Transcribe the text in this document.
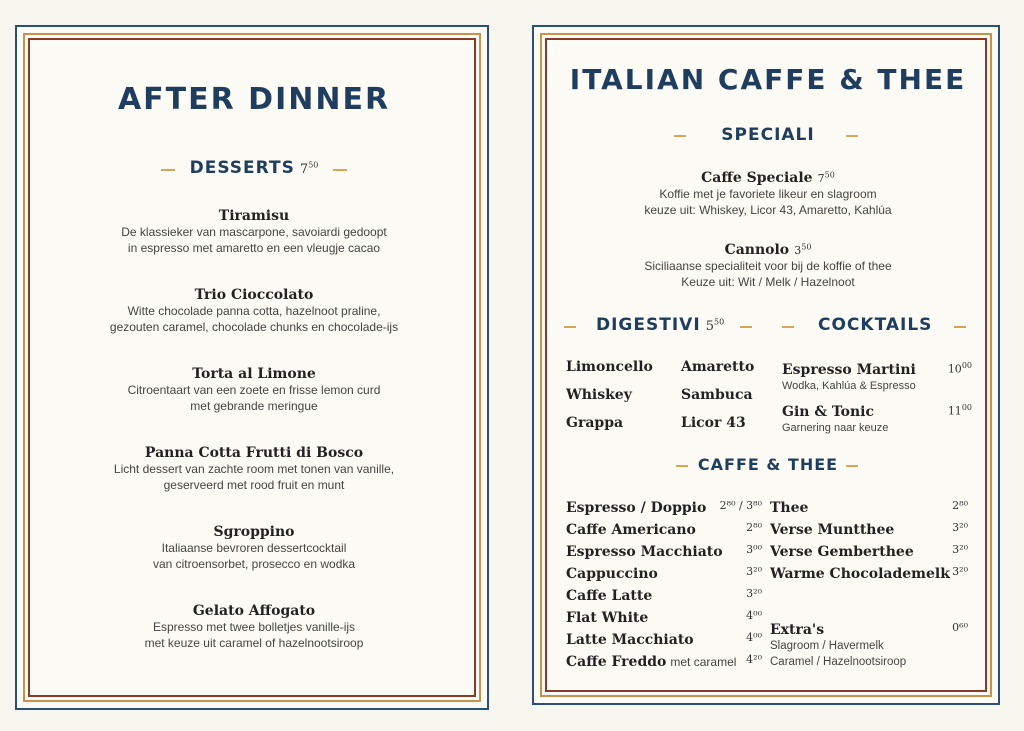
AFTER DINNER
DESSERTS $7^{50}$
Tiramisu
De klassieker van mascarpone, savoiardi gedoopt
in espresso met amaretto en een vleugje cacao
Trio Cioccolato
Witte chocolade panna cotta, hazelnoot praline,
gezouten caramel, chocolade chunks en chocolade-ijs
Torta al Limone
Citroentaart van een zoete en frisse lemon curd
met gebrande meringue
Panna Cotta Frutti di Bosco
Licht dessert van zachte room met tonen van vanille,
geserveerd met rood fruit en munt
Sgroppino
Italiaanse bevroren dessertcocktail
van citroensorbet, prosecco en wodka
Gelato Affogato
Espresso met twee bolletjes vanille-ijs
met keuze uit caramel of hazelnootsiroop
ITALIAN CAFFE & THEE
SPECIALI
Caffe Speciale $7^{50}$
Koffie met je favoriete likeur en slagroom
keuze uit: Whiskey, Licor 43, Amaretto, Kahlúa
Cannolo $3^{50}$
Siciliaanse specialiteit voor bij de koffie of thee
Keuze uit: Wit / Melk / Hazelnoot
DIGESTIVI $5^{50}$	COCKTAILS
Limoncello
Whiskey
Grappa
Amaretto
Sambuca
Licor 43
Espresso Martini	$10^{00}$
Wodka, Kahlúa & Espresso
Gin & Tonic	$11^{00}$
Garnering naar keuze
CAFFE & THEE
Espresso / Doppio 2⁸⁰ / 3⁸⁰
Caffe Americano	2⁸⁰
Espresso Macchiato 3⁰⁰
Cappuccino	3²⁰
Caffe Latte	3²⁰
Flat White	4⁰⁰
Latte Macchiato	4⁰⁰
Caffe Freddo met caramel 4²⁰
Thee	2⁸⁰
Verse Muntthee	3²⁰
Verse Gemberthee	3²⁰
Warme Chocolademelk 3²⁰
Extra's	0⁶⁰
Slagroom / Havermelk
Caramel / Hazelnootsiroop
